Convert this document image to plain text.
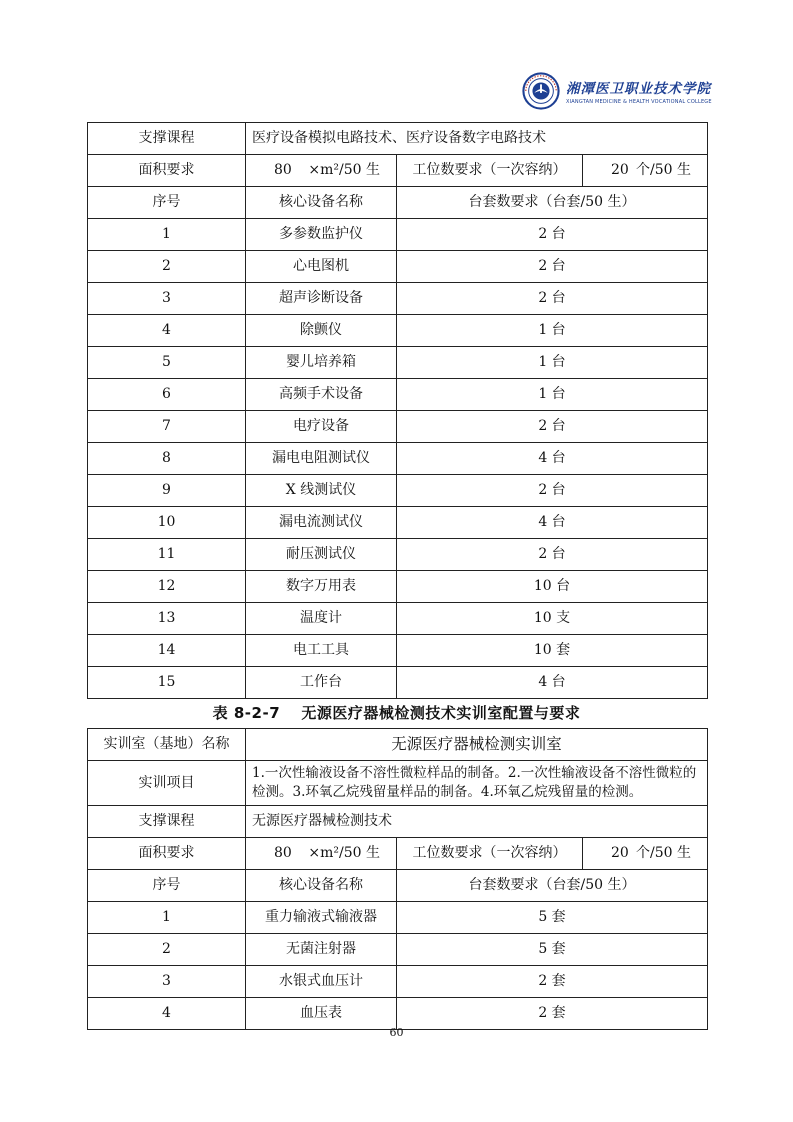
湘潭医卫职业技术学院
XIANGTAN MEDICINE & HEALTH VOCATIONAL COLLEGE
支撑课程	医疗设备模拟电路技术、医疗设备数字电路技术		
面积要求	80 ×m²/50 生	工位数要求（一次容纳）	20 个/50 生

序号	核心设备名称	台套数要求（台套/50 生）	
1	多参数监护仪	2 台	
2	心电图机	2 台	
3	超声诊断设备	2 台	
4	除颤仪	1 台	
5	婴儿培养箱	1 台	
6	高频手术设备	1 台	
7	电疗设备	2 台	
8	漏电电阻测试仪	4 台	
9	X 线测试仪	2 台	
10	漏电流测试仪	4 台	
11	耐压测试仪	2 台	
12	数字万用表	10 台	
13	温度计	10 支	
14	电工工具	10 套	
15	工作台	4 台	
表 8-2-7　 无源医疗器械检测技术实训室配置与要求
实训室（基地）名称	无源医疗器械检测实训室		
实训项目	1.一次性输液设备不溶性微粒样品的制备。2.一次性输液设备不溶性微粒的检测。3.环氧乙烷残留量样品的制备。4.环氧乙烷残留量的检测。		
支撑课程	无源医疗器械检测技术		
面积要求	80 ×m²/50 生	工位数要求（一次容纳）	20 个/50 生

序号	核心设备名称	台套数要求（台套/50 生）	
1	重力输液式输液器	5 套	
2	无菌注射器	5 套	
3	水银式血压计	2 套	
4	血压表	2 套	
60
